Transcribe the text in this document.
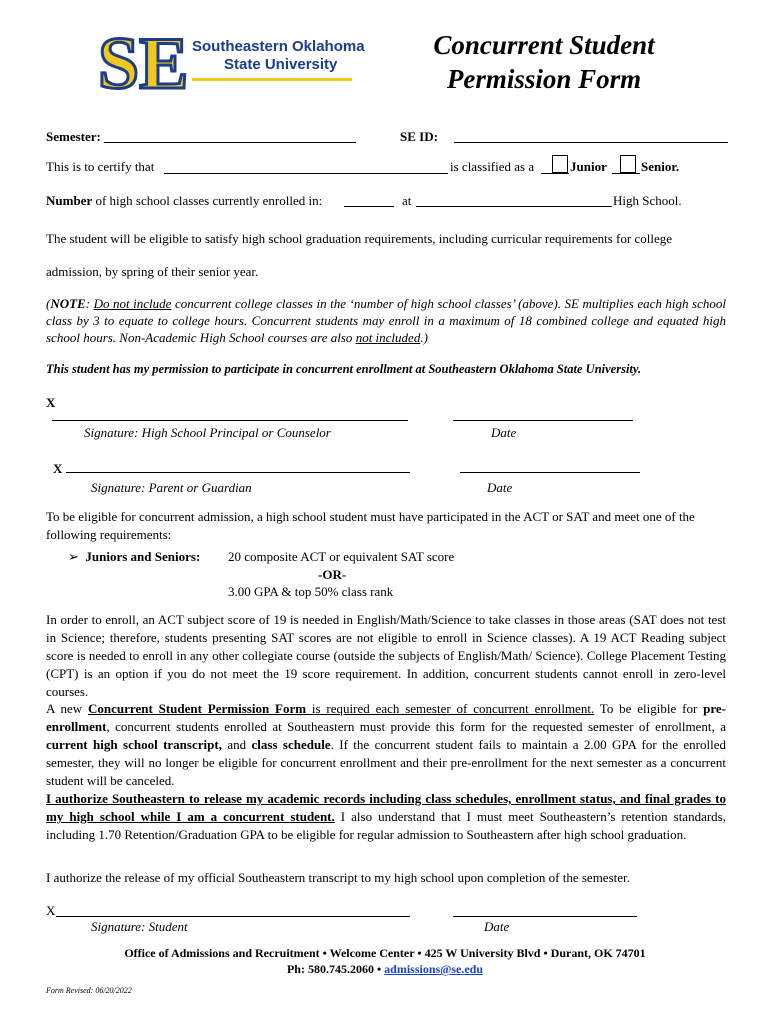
SE Southeastern Oklahoma
State University
Concurrent Student
Permission Form
Semester:	SE ID:
This is to certify that	is classified as a	Junior	Senior.
Number of high school classes currently enrolled in:	at	High School.

The student will be eligible to satisfy high school graduation requirements, including curricular requirements for college

admission, by spring of their senior year.

(NOTE: Do not include concurrent college classes in the ‘number of high school classes’ (above). SE multiplies each high school class by 3 to equate to college hours. Concurrent students may enroll in a maximum of 18 combined college and equated high school hours. Non-Academic High School courses are also not included.)

This student has my permission to participate in concurrent enrollment at Southeastern Oklahoma State University.

X
Signature: High School Principal or Counselor	Date
X
Signature: Parent or Guardian	Date

To be eligible for concurrent admission, a high school student must have participated in the ACT or SAT and meet one of the following requirements:

➢ Juniors and Seniors: 20 composite ACT or equivalent SAT score
-OR-
3.00 GPA & top 50% class rank

In order to enroll, an ACT subject score of 19 is needed in English/Math/Science to take classes in those areas (SAT does not test in Science; therefore, students presenting SAT scores are not eligible to enroll in Science classes). A 19 ACT Reading subject score is needed to enroll in any other collegiate course (outside the subjects of English/Math/ Science). College Placement Testing (CPT) is an option if you do not meet the 19 score requirement. In addition, concurrent students cannot enroll in zero-level courses.

A new Concurrent Student Permission Form is required each semester of concurrent enrollment. To be eligible for pre-enrollment, concurrent students enrolled at Southeastern must provide this form for the requested semester of enrollment, a current high school transcript, and class schedule. If the concurrent student fails to maintain a 2.00 GPA for the enrolled semester, they will no longer be eligible for concurrent enrollment and their pre-enrollment for the next semester as a concurrent student will be canceled.

I authorize Southeastern to release my academic records including class schedules, enrollment status, and final grades to my high school while I am a concurrent student. I also understand that I must meet Southeastern’s retention standards, including 1.70 Retention/Graduation GPA to be eligible for regular admission to Southeastern after high school graduation.

I authorize the release of my official Southeastern transcript to my high school upon completion of the semester.

X
Signature: Student	Date
Office of Admissions and Recruitment • Welcome Center • 425 W University Blvd • Durant, OK 74701
Ph: 580.745.2060 • admissions@se.edu
Form Revised: 06/20/2022
